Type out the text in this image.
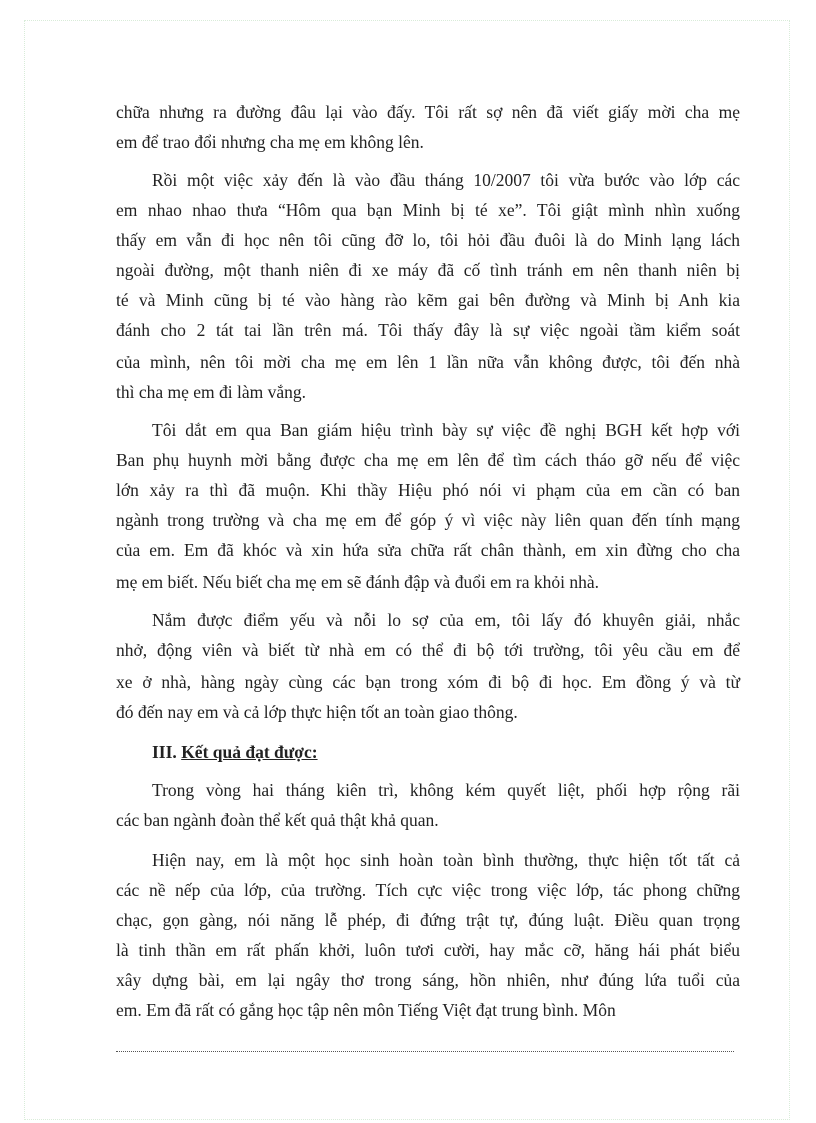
III. Kết quả đạt được:
chữa nhưng ra đường đâu lại vào đấy. Tôi rất sợ nên đã viết giấy mời cha mẹ
em để trao đổi nhưng cha mẹ em không lên.
Rồi một việc xảy đến là vào đầu tháng 10/2007 tôi vừa bước vào lớp các
em nhao nhao thưa “Hôm qua bạn Minh bị té xe”. Tôi giật mình nhìn xuống
thấy em vẫn đi học nên tôi cũng đỡ lo, tôi hỏi đầu đuôi là do Minh lạng lách
ngoài đường, một thanh niên đi xe máy đã cố tình tránh em nên thanh niên bị
té và Minh cũng bị té vào hàng rào kẽm gai bên đường và Minh bị Anh kia
đánh cho 2 tát tai lần trên má. Tôi thấy đây là sự việc ngoài tầm kiểm soát
của mình, nên tôi mời cha mẹ em lên 1 lần nữa vẫn không được, tôi đến nhà
thì cha mẹ em đi làm vắng.
Tôi dắt em qua Ban giám hiệu trình bày sự việc đề nghị BGH kết hợp với
Ban phụ huynh mời bằng được cha mẹ em lên để tìm cách tháo gỡ nếu để việc
lớn xảy ra thì đã muộn. Khi thầy Hiệu phó nói vi phạm của em cần có ban
ngành trong trường và cha mẹ em để góp ý vì việc này liên quan đến tính mạng
của em. Em đã khóc và xin hứa sửa chữa rất chân thành, em xin đừng cho cha
mẹ em biết. Nếu biết cha mẹ em sẽ đánh đập và đuổi em ra khỏi nhà.
Nắm được điểm yếu và nỗi lo sợ của em, tôi lấy đó khuyên giải, nhắc
nhở, động viên và biết từ nhà em có thể đi bộ tới trường, tôi yêu cầu em để
xe ở nhà, hàng ngày cùng các bạn trong xóm đi bộ đi học. Em đồng ý và từ
đó đến nay em và cả lớp thực hiện tốt an toàn giao thông.
Trong vòng hai tháng kiên trì, không kém quyết liệt, phối hợp rộng rãi
các ban ngành đoàn thể kết quả thật khả quan.
Hiện nay, em là một học sinh hoàn toàn bình thường, thực hiện tốt tất cả
các nề nếp của lớp, của trường. Tích cực việc trong việc lớp, tác phong chững
chạc, gọn gàng, nói năng lễ phép, đi đứng trật tự, đúng luật. Điều quan trọng
là tinh thần em rất phấn khởi, luôn tươi cười, hay mắc cỡ, hăng hái phát biểu
xây dựng bài, em lại ngây thơ trong sáng, hồn nhiên, như đúng lứa tuổi của
em. Em đã rất có gắng học tập nên môn Tiếng Việt đạt trung bình. Môn
